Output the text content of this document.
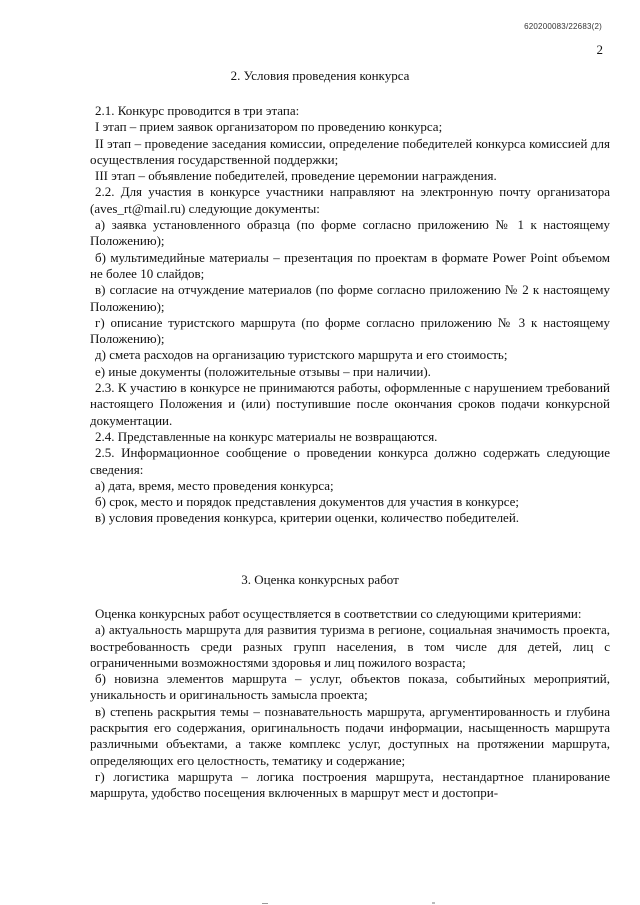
620200083/22683(2)
2
2. Условия проведения конкурса

2.1. Конкурс проводится в три этапа:

I этап – прием заявок организатором по проведению конкурса;

II этап – проведение заседания комиссии, определение победителей конкурса комиссией для осуществления государственной поддержки;

III этап – объявление победителей, проведение церемонии награждения.

2.2. Для участия в конкурсе участники направляют на электронную почту организатора (aves_rt@mail.ru) следующие документы:

а) заявка установленного образца (по форме согласно приложению № 1 к настоящему Положению);

б) мультимедийные материалы – презентация по проектам в формате Power Point объемом не более 10 слайдов;

в) согласие на отчуждение материалов (по форме согласно приложению № 2 к настоящему Положению);

г) описание туристского маршрута (по форме согласно приложению № 3 к настоящему Положению);

д) смета расходов на организацию туристского маршрута и его стоимость;

е) иные документы (положительные отзывы – при наличии).

2.3. К участию в конкурсе не принимаются работы, оформленные с нарушением требований настоящего Положения и (или) поступившие после окончания сроков подачи конкурсной документации.

2.4. Представленные на конкурс материалы не возвращаются.

2.5. Информационное сообщение о проведении конкурса должно содержать следующие сведения:

а) дата, время, место проведения конкурса;

б) срок, место и порядок представления документов для участия в конкурсе;

в) условия проведения конкурса, критерии оценки, количество победителей.

3. Оценка конкурсных работ

Оценка конкурсных работ осуществляется в соответствии со следующими критериями:

а) актуальность маршрута для развития туризма в регионе, социальная значимость проекта, востребованность среди разных групп населения, в том числе для детей, лиц с ограниченными возможностями здоровья и лиц пожилого возраста;

б) новизна элементов маршрута – услуг, объектов показа, событийных мероприятий, уникальность и оригинальность замысла проекта;

в) степень раскрытия темы – познавательность маршрута, аргументированность и глубина раскрытия его содержания, оригинальность подачи информации, насыщенность маршрута различными объектами, а также комплекс услуг, доступных на протяжении маршрута, определяющих его целостность, тематику и содержание;

г) логистика маршрута – логика построения маршрута, нестандартное планирование маршрута, удобство посещения включенных в маршрут мест и достопри-
